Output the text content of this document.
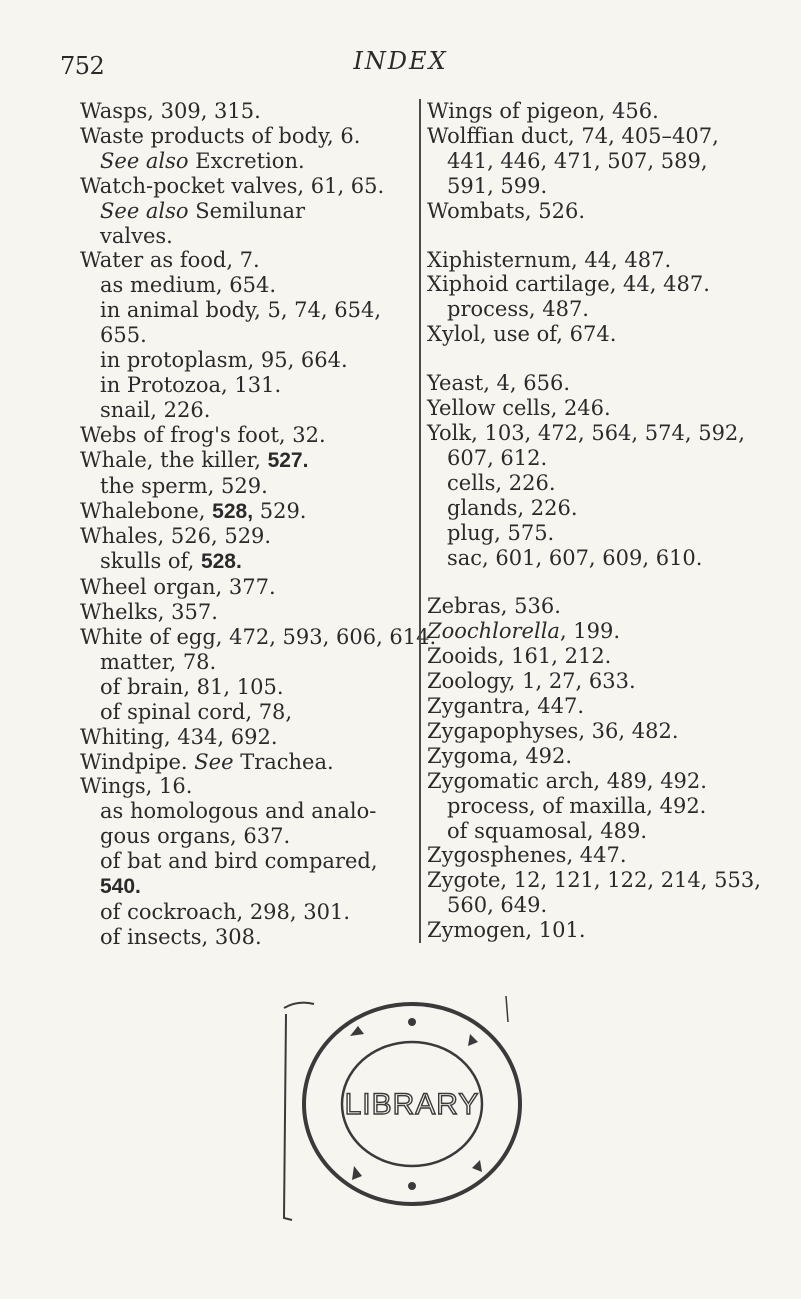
752	INDEX
Wasps, 309, 315.
Waste products of body, 6.
See also Excretion.
Watch-pocket valves, 61, 65.
See also Semilunar
valves.
Water as food, 7.
as medium, 654.
in animal body, 5, 74, 654,
655.
in protoplasm, 95, 664.
in Protozoa, 131.
snail, 226.
Webs of frog's foot, 32.
Whale, the killer, 527.
the sperm, 529.
Whalebone, 528, 529.
Whales, 526, 529.
skulls of, 528.
Wheel organ, 377.
Whelks, 357.
White of egg, 472, 593, 606, 614.
matter, 78.
of brain, 81, 105.
of spinal cord, 78,
Whiting, 434, 692.
Windpipe. See Trachea.
Wings, 16.
as homologous and analo-
gous organs, 637.
of bat and bird compared,
540.
of cockroach, 298, 301.
of insects, 308.
Wings of pigeon, 456.
Wolffian duct, 74, 405–407,
441, 446, 471, 507, 589,
591, 599.
Wombats, 526.
Xiphisternum, 44, 487.
Xiphoid cartilage, 44, 487.
process, 487.
Xylol, use of, 674.
Yeast, 4, 656.
Yellow cells, 246.
Yolk, 103, 472, 564, 574, 592,
607, 612.
cells, 226.
glands, 226.
plug, 575.
sac, 601, 607, 609, 610.
Zebras, 536.
Zoochlorella, 199.
Zooids, 161, 212.
Zoology, 1, 27, 633.
Zygantra, 447.
Zygapophyses, 36, 482.
Zygoma, 492.
Zygomatic arch, 489, 492.
process, of maxilla, 492.
of squamosal, 489.
Zygosphenes, 447.
Zygote, 12, 121, 122, 214, 553,
560, 649.
Zymogen, 101.
LIBRARY
